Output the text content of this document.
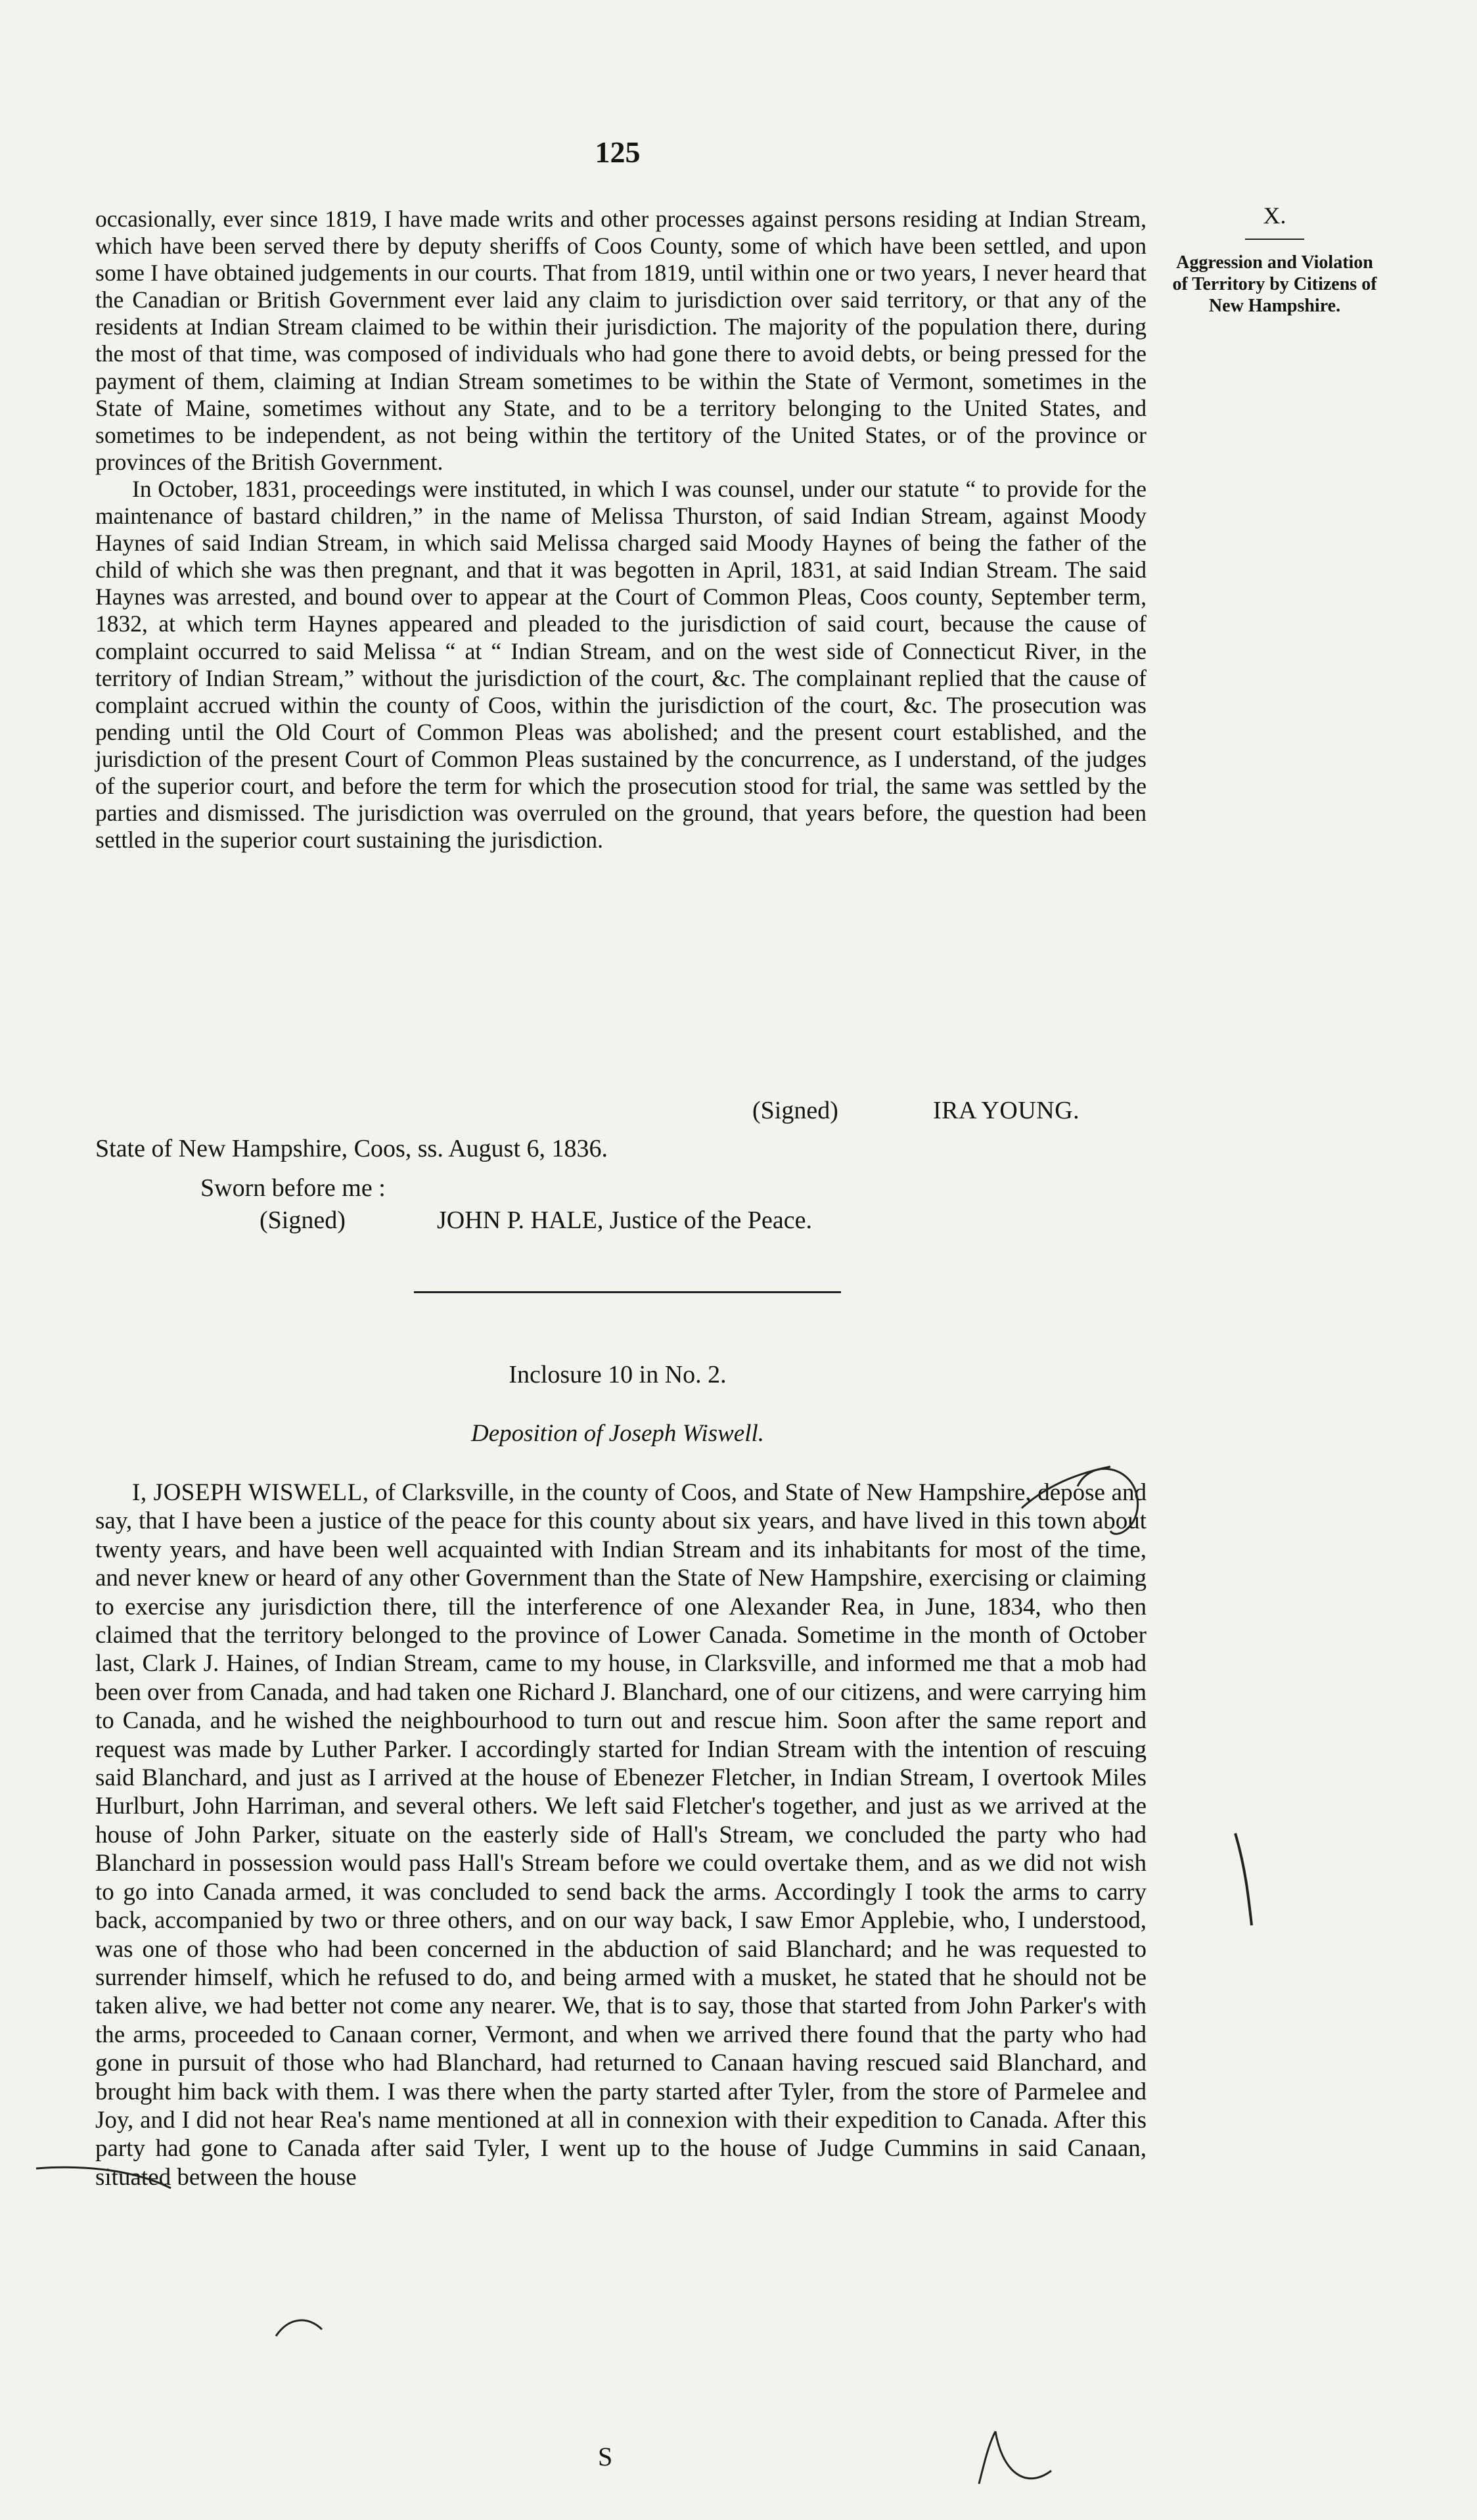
125
X.
Aggression and Violation of Territory by Citizens of New Hampshire.

occasionally, ever since 1819, I have made writs and other processes against persons residing at Indian Stream, which have been served there by deputy sheriffs of Coos County, some of which have been settled, and upon some I have obtained judgements in our courts. That from 1819, until within one or two years, I never heard that the Canadian or British Government ever laid any claim to jurisdiction over said territory, or that any of the residents at Indian Stream claimed to be within their jurisdiction. The majority of the population there, during the most of that time, was composed of individuals who had gone there to avoid debts, or being pressed for the payment of them, claiming at Indian Stream sometimes to be within the State of Vermont, sometimes in the State of Maine, sometimes without any State, and to be a territory belonging to the United States, and sometimes to be independent, as not being within the tertitory of the United States, or of the province or provinces of the British Government.

In October, 1831, proceedings were instituted, in which I was counsel, under our statute “ to provide for the maintenance of bastard children,” in the name of Melissa Thurston, of said Indian Stream, against Moody Haynes of said Indian Stream, in which said Melissa charged said Moody Haynes of being the father of the child of which she was then pregnant, and that it was begotten in April, 1831, at said Indian Stream. The said Haynes was arrested, and bound over to appear at the Court of Common Pleas, Coos county, September term, 1832, at which term Haynes appeared and pleaded to the jurisdiction of said court, because the cause of complaint occurred to said Melissa “ at “ Indian Stream, and on the west side of Connecticut River, in the territory of Indian Stream,” without the jurisdiction of the court, &c. The complainant replied that the cause of complaint accrued within the county of Coos, within the jurisdiction of the court, &c. The prosecution was pending until the Old Court of Common Pleas was abolished; and the present court established, and the jurisdiction of the present Court of Common Pleas sustained by the concurrence, as I understand, of the judges of the superior court, and before the term for which the prosecution stood for trial, the same was settled by the parties and dismissed. The jurisdiction was overruled on the ground, that years before, the question had been settled in the superior court sustaining the jurisdiction.

(Signed)	IRA YOUNG.
State of New Hampshire, Coos, ss. August 6, 1836.
Sworn before me :
(Signed)	JOHN P. HALE, Justice of the Peace.
Inclosure 10 in No. 2.
Deposition of Joseph Wiswell.

I, JOSEPH WISWELL, of Clarksville, in the county of Coos, and State of New Hampshire, depose and say, that I have been a justice of the peace for this county about six years, and have lived in this town about twenty years, and have been well acquainted with Indian Stream and its inhabitants for most of the time, and never knew or heard of any other Government than the State of New Hampshire, exercising or claiming to exercise any jurisdiction there, till the interference of one Alexander Rea, in June, 1834, who then claimed that the territory belonged to the province of Lower Canada. Sometime in the month of October last, Clark J. Haines, of Indian Stream, came to my house, in Clarksville, and informed me that a mob had been over from Canada, and had taken one Richard J. Blanchard, one of our citizens, and were carrying him to Canada, and he wished the neighbourhood to turn out and rescue him. Soon after the same report and request was made by Luther Parker. I accordingly started for Indian Stream with the intention of rescuing said Blanchard, and just as I arrived at the house of Ebenezer Fletcher, in Indian Stream, I overtook Miles Hurlburt, John Harriman, and several others. We left said Fletcher's together, and just as we arrived at the house of John Parker, situate on the easterly side of Hall's Stream, we concluded the party who had Blanchard in possession would pass Hall's Stream before we could overtake them, and as we did not wish to go into Canada armed, it was concluded to send back the arms. Accordingly I took the arms to carry back, accompanied by two or three others, and on our way back, I saw Emor Applebie, who, I understood, was one of those who had been concerned in the abduction of said Blanchard; and he was requested to surrender himself, which he refused to do, and being armed with a musket, he stated that he should not be taken alive, we had better not come any nearer. We, that is to say, those that started from John Parker's with the arms, proceeded to Canaan corner, Vermont, and when we arrived there found that the party who had gone in pursuit of those who had Blanchard, had returned to Canaan having rescued said Blanchard, and brought him back with them. I was there when the party started after Tyler, from the store of Parmelee and Joy, and I did not hear Rea's name mentioned at all in connexion with their expedition to Canada. After this party had gone to Canada after said Tyler, I went up to the house of Judge Cummins in said Canaan, situated between the house

S
